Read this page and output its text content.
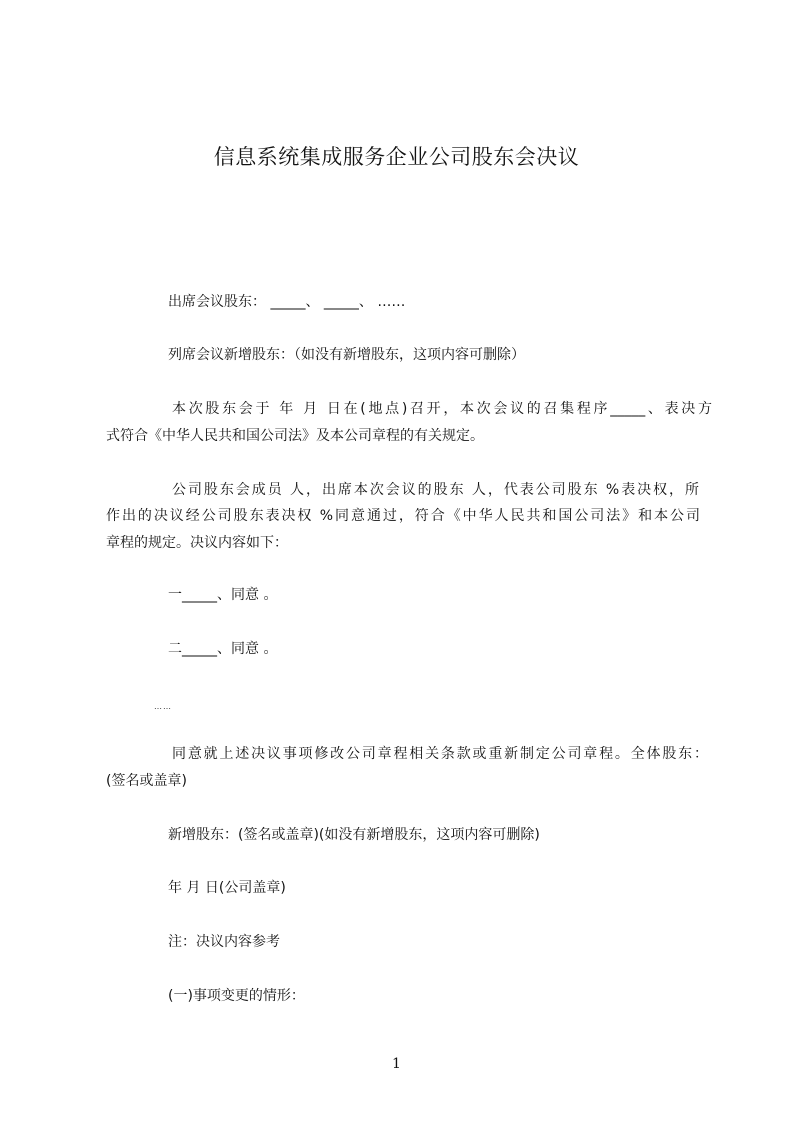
信息系统集成服务企业公司股东会决议
出席会议股东： _____、 _____、 ……
列席会议新增股东：（如没有新增股东，这项内容可删除）
本次股东会于 年 月 日在(地点)召开，本次会议的召集程序_____、表决方
式符合《中华人民共和国公司法》及本公司章程的有关规定。
公司股东会成员 人，出席本次会议的股东 人，代表公司股东 %表决权，所
作出的决议经公司股东表决权 %同意通过，符合《中华人民共和国公司法》和本公司
章程的规定。决议内容如下：
一_____、同意 。
二_____、同意 。
……
同意就上述决议事项修改公司章程相关条款或重新制定公司章程。全体股东：
(签名或盖章)
新增股东：(签名或盖章)(如没有新增股东，这项内容可删除)
年 月 日(公司盖章)
注：决议内容参考
(一)事项变更的情形：
1
